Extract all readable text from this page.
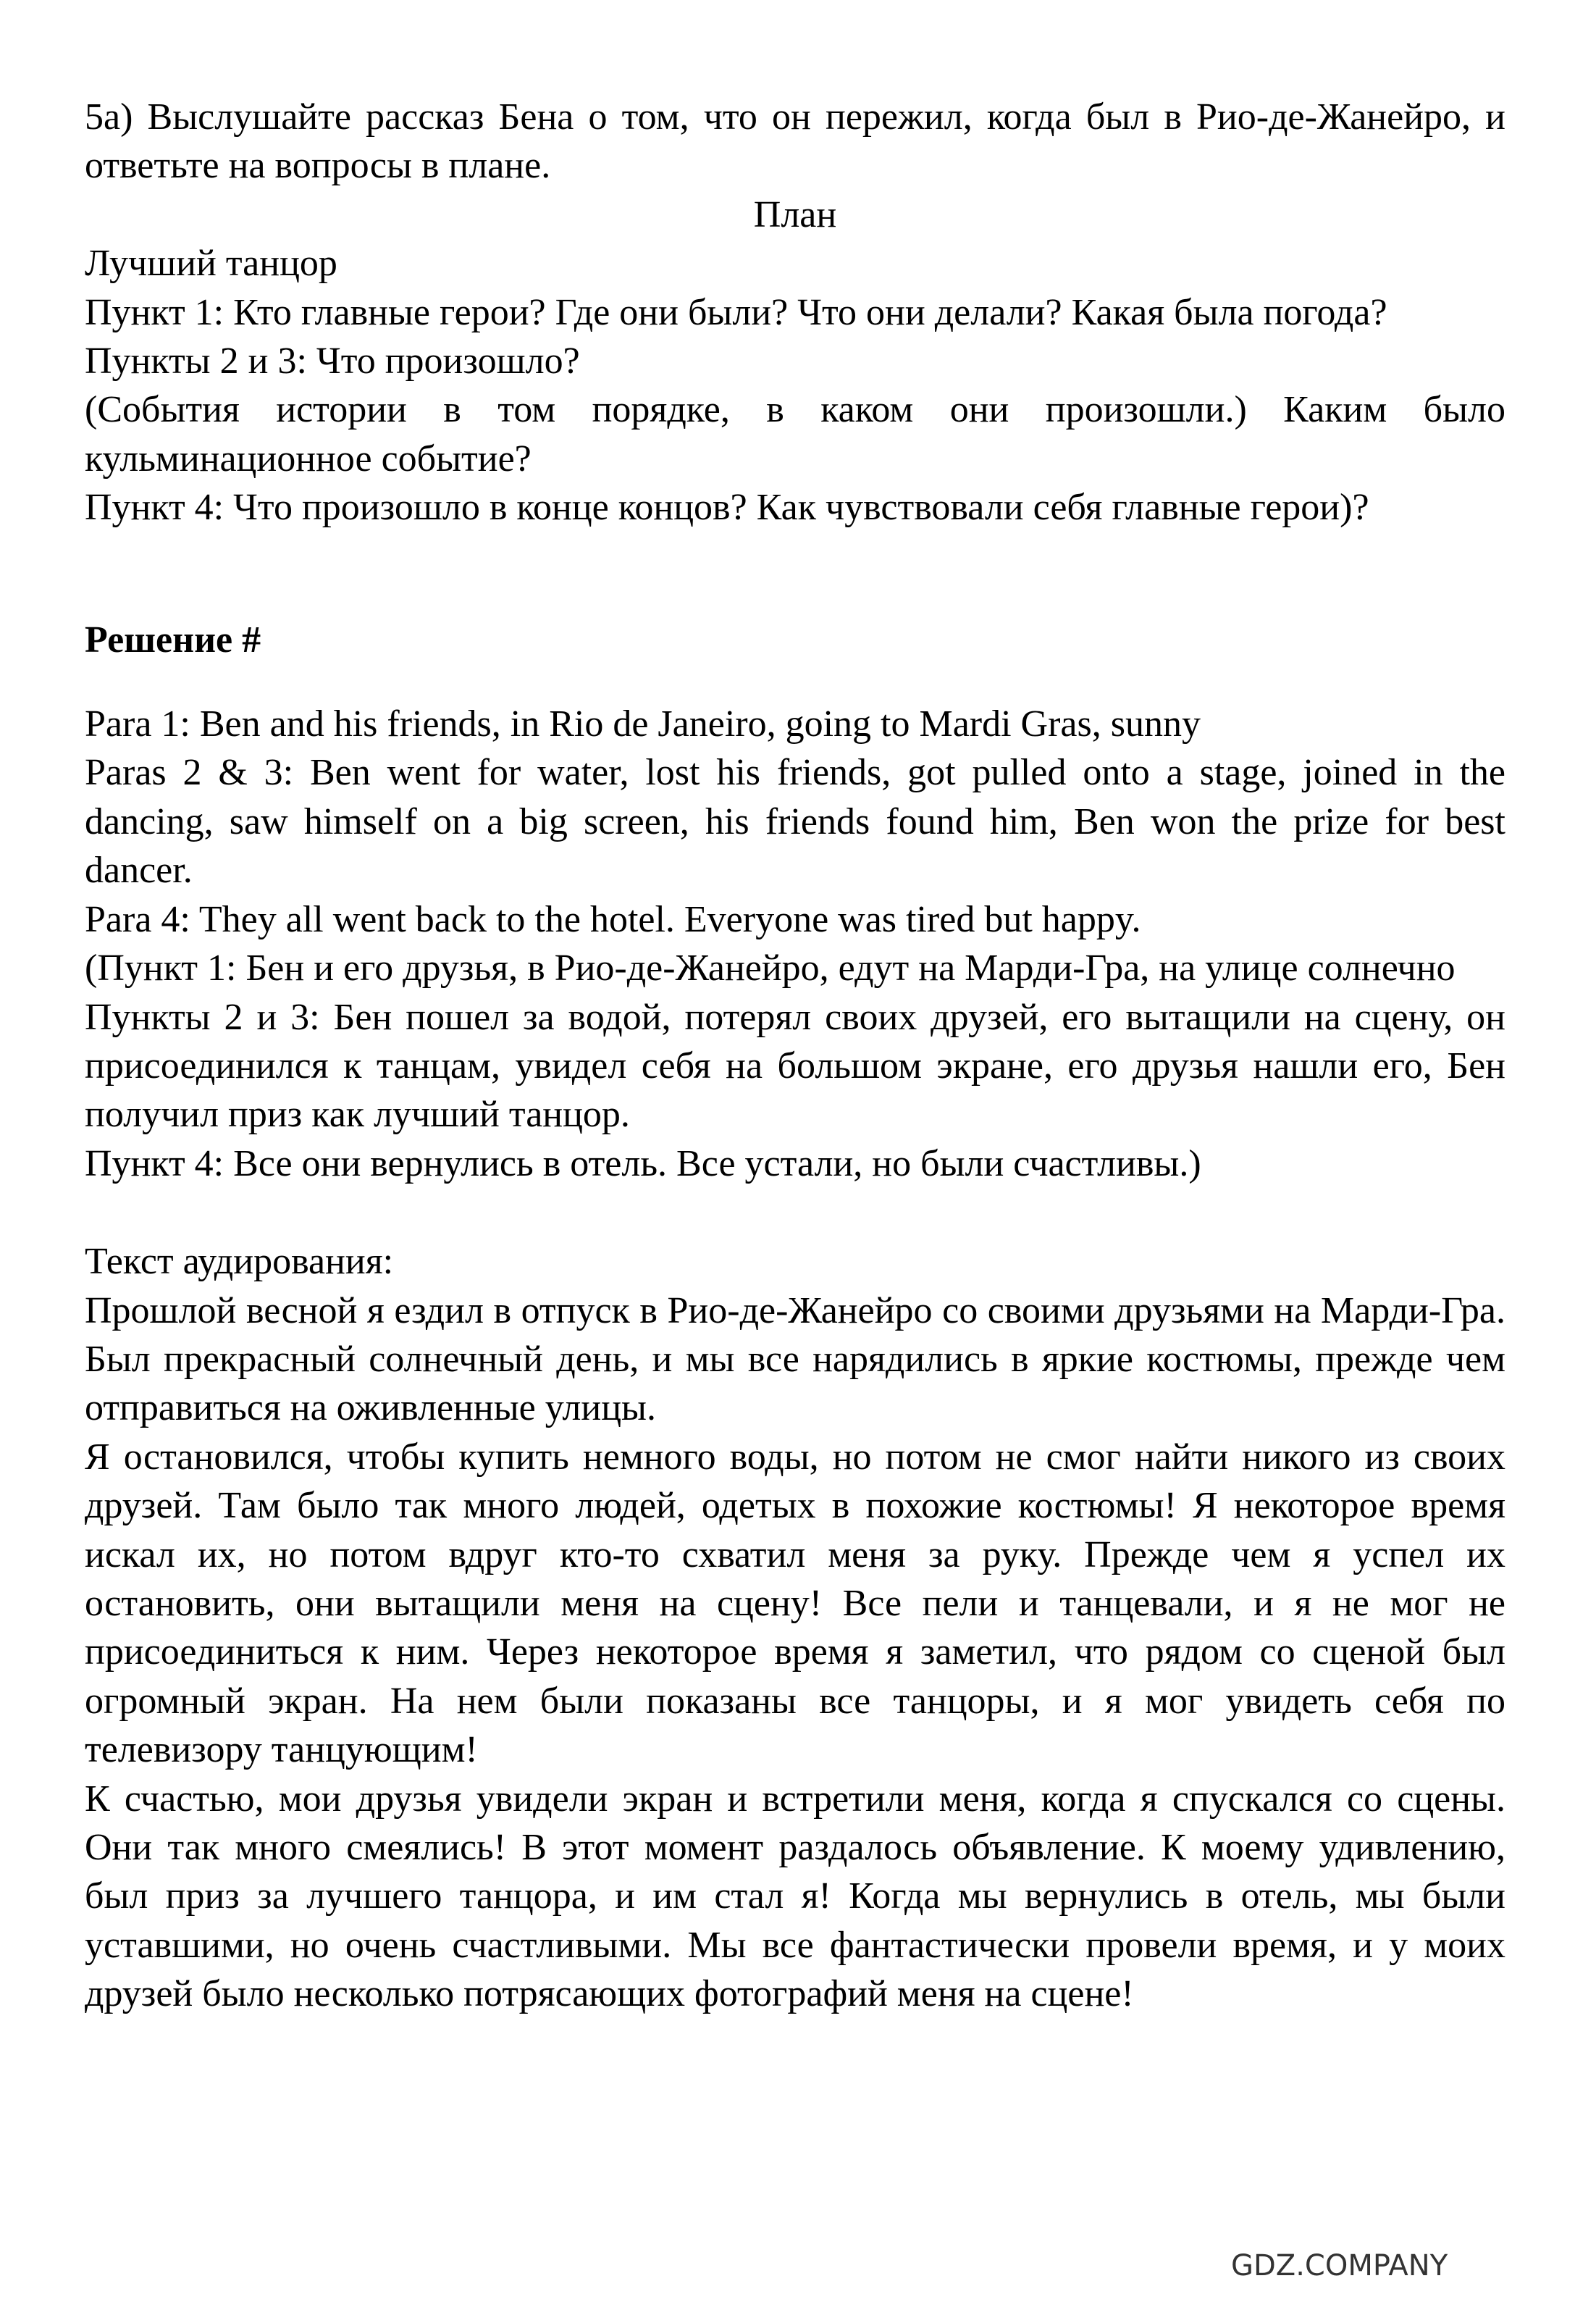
5а) Выслушайте рассказ Бена о том, что он пережил, когда был в Рио-де-Жанейро, и ответьте на вопросы в плане.

План

Лучший танцор

Пункт 1: Кто главные герои? Где они были? Что они делали? Какая была погода?

Пункты 2 и 3: Что произошло?

(События истории в том порядке, в каком они произошли.) Каким было кульминационное событие?

Пункт 4: Что произошло в конце концов? Как чувствовали себя главные герои)?

Решение #

Para 1: Ben and his friends, in Rio de Janeiro, going to Mardi Gras, sunny

Paras 2 & 3: Ben went for water, lost his friends, got pulled onto a stage, joined in the dancing, saw himself on a big screen, his friends found him, Ben won the prize for best dancer.

Para 4: They all went back to the hotel. Everyone was tired but happy.

(Пункт 1: Бен и его друзья, в Рио-де-Жанейро, едут на Марди-Гра, на улице солнечно

Пункты 2 и 3: Бен пошел за водой, потерял своих друзей, его вытащили на сцену, он присоединился к танцам, увидел себя на большом экране, его друзья нашли его, Бен получил приз как лучший танцор.

Пункт 4: Все они вернулись в отель. Все устали, но были счастливы.)

Текст аудирования:

Прошлой весной я ездил в отпуск в Рио-де-Жанейро со своими друзьями на Марди-Гра. Был прекрасный солнечный день, и мы все нарядились в яркие костюмы, прежде чем отправиться на оживленные улицы.

Я остановился, чтобы купить немного воды, но потом не смог найти никого из своих друзей. Там было так много людей, одетых в похожие костюмы! Я некоторое время искал их, но потом вдруг кто-то схватил меня за руку. Прежде чем я успел их остановить, они вытащили меня на сцену! Все пели и танцевали, и я не мог не присоединиться к ним. Через некоторое время я заметил, что рядом со сценой был огромный экран. На нем были показаны все танцоры, и я мог увидеть себя по телевизору танцующим!

К счастью, мои друзья увидели экран и встретили меня, когда я спускался со сцены. Они так много смеялись! В этот момент раздалось объявление. К моему удивлению, был приз за лучшего танцора, и им стал я! Когда мы вернулись в отель, мы были уставшими, но очень счастливыми. Мы все фантастически провели время, и у моих друзей было несколько потрясающих фотографий меня на сцене!

GDZ.COMPANY
